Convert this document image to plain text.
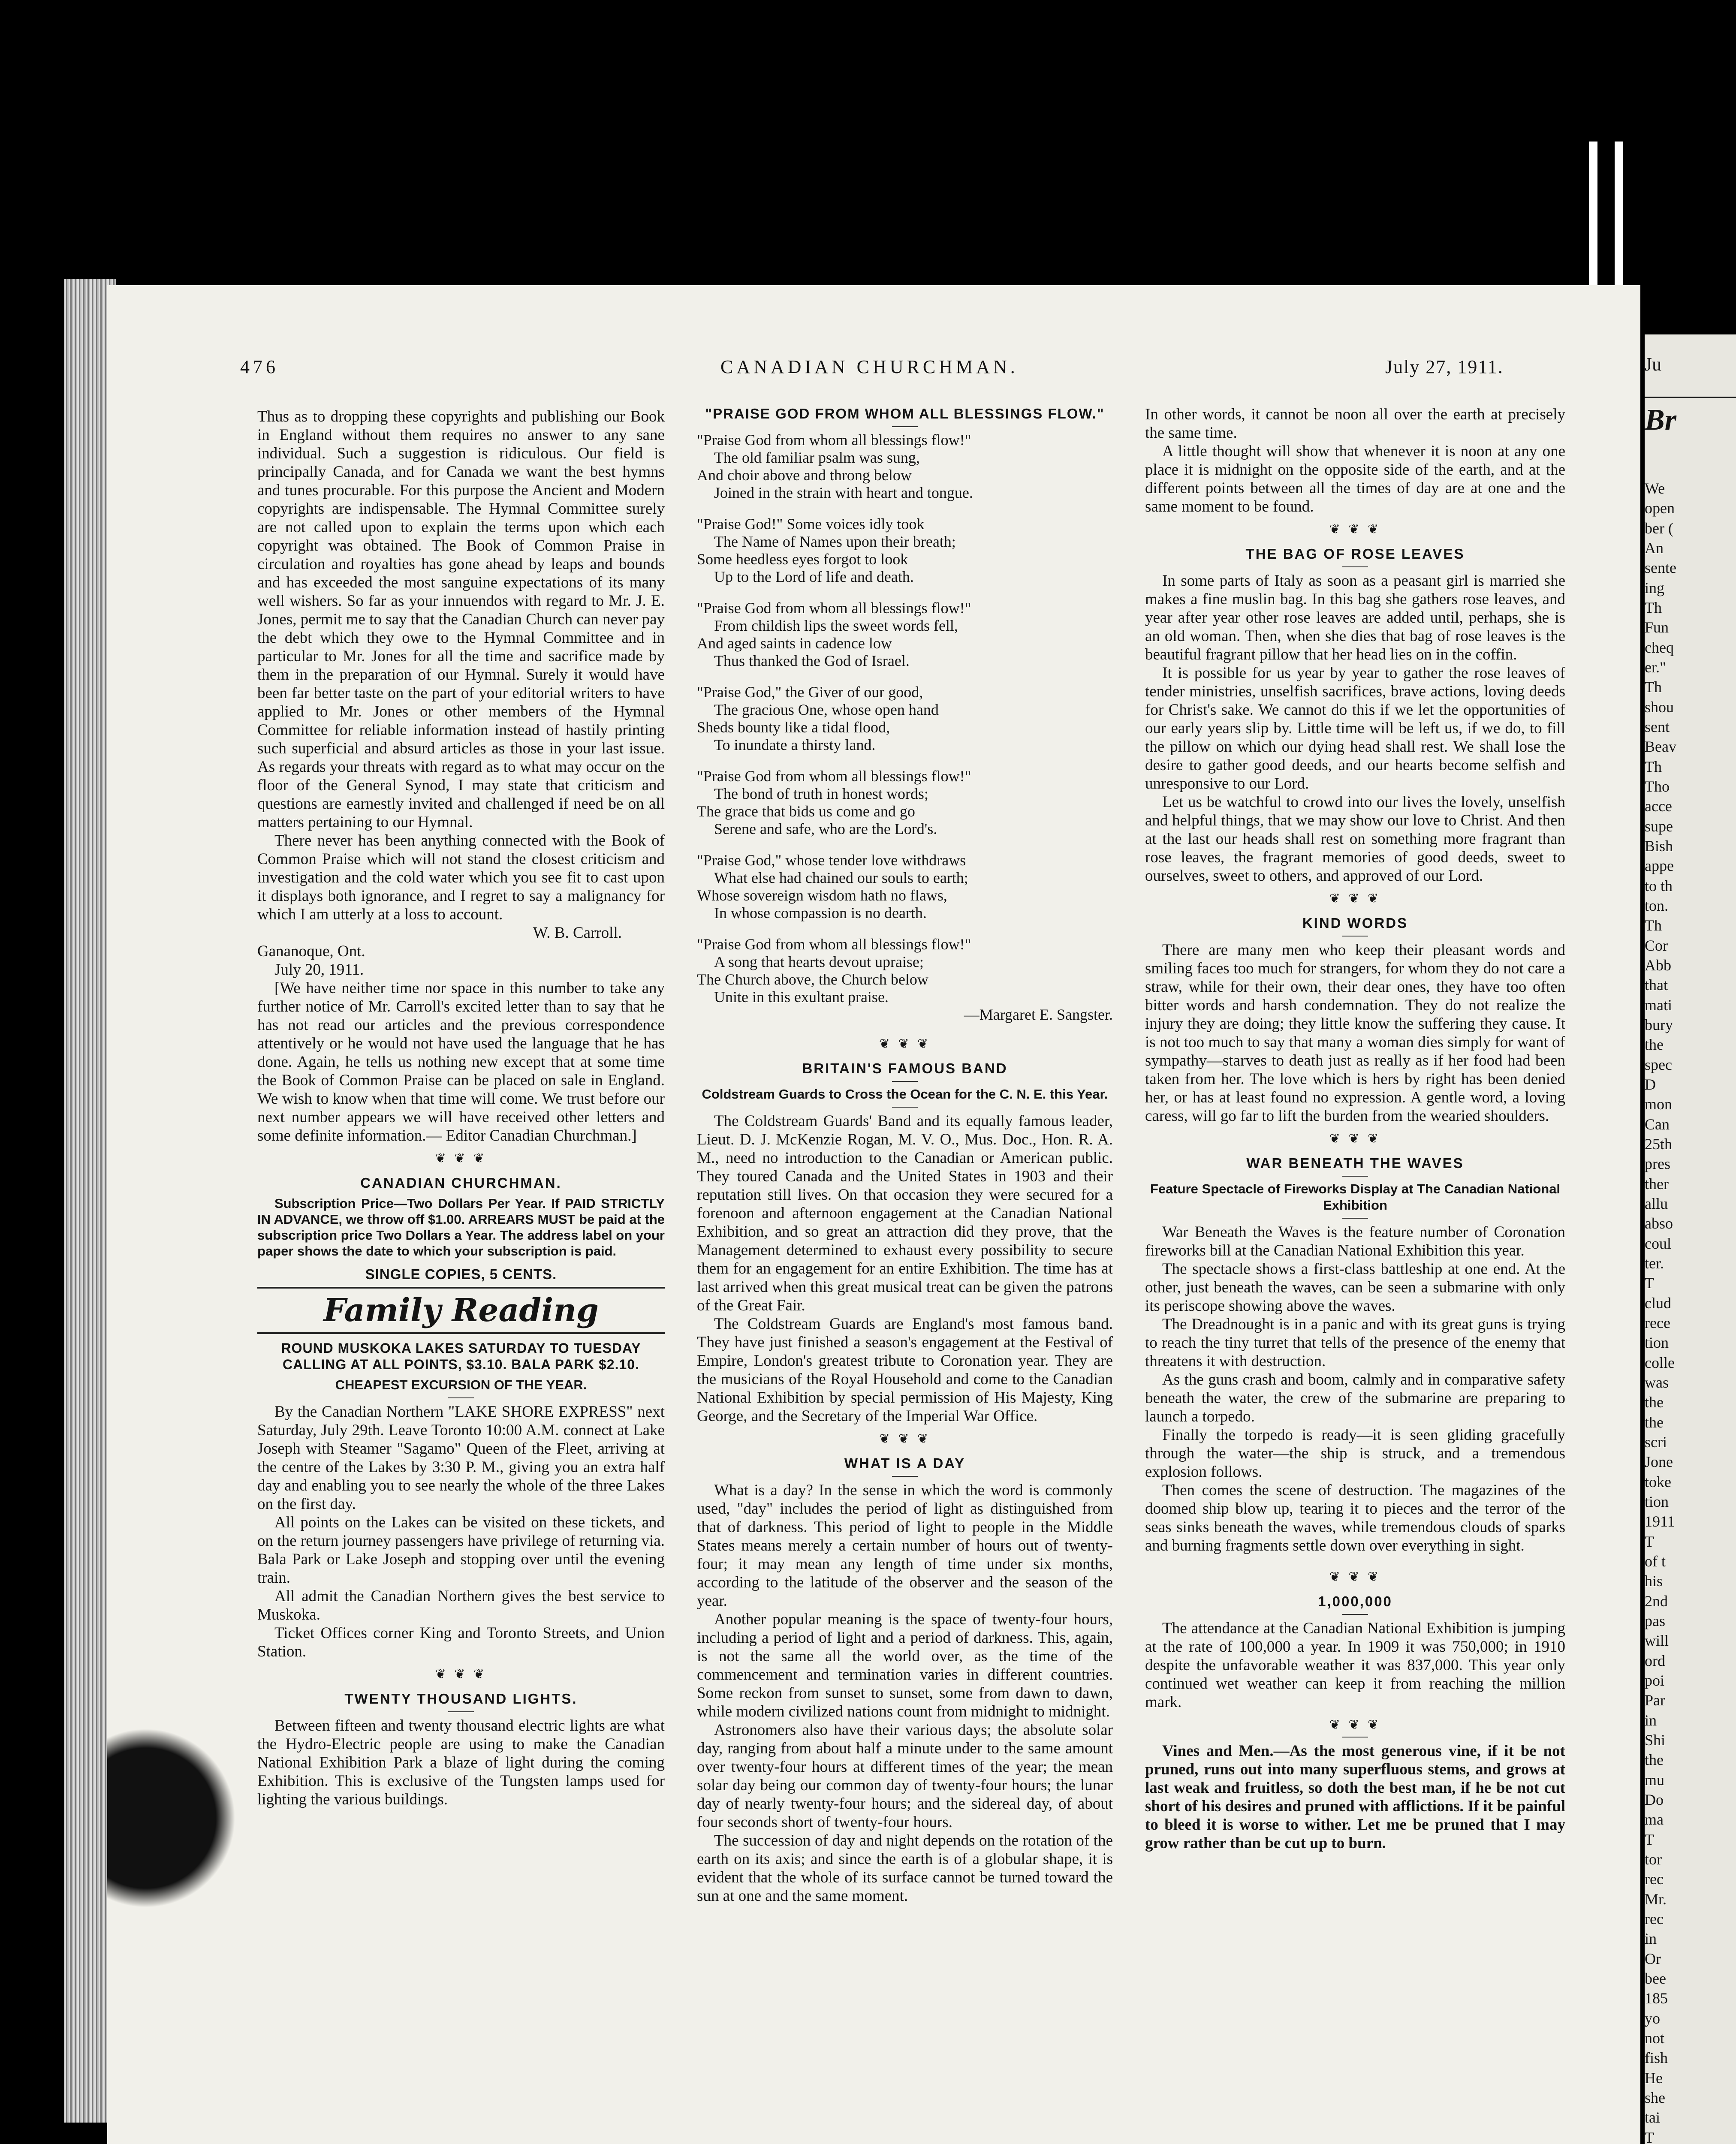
476	CANADIAN CHURCHMAN.	July 27, 1911.

Thus as to dropping these copyrights and publishing our Book in England without them requires no answer to any sane individual. Such a suggestion is ridiculous. Our field is principally Canada, and for Canada we want the best hymns and tunes procurable. For this purpose the Ancient and Modern copyrights are indispensable. The Hymnal Committee surely are not called upon to explain the terms upon which each copyright was obtained. The Book of Common Praise in circulation and royalties has gone ahead by leaps and bounds and has exceeded the most sanguine expectations of its many well wishers. So far as your innuendos with regard to Mr. J. E. Jones, permit me to say that the Canadian Church can never pay the debt which they owe to the Hymnal Committee and in particular to Mr. Jones for all the time and sacrifice made by them in the preparation of our Hymnal. Surely it would have been far better taste on the part of your editorial writers to have applied to Mr. Jones or other members of the Hymnal Committee for reliable information instead of hastily printing such superficial and absurd articles as those in your last issue. As regards your threats with regard as to what may occur on the floor of the General Synod, I may state that criticism and questions are earnestly invited and challenged if need be on all matters pertaining to our Hymnal.

There never has been anything connected with the Book of Common Praise which will not stand the closest criticism and investigation and the cold water which you see fit to cast upon it displays both ignorance, and I regret to say a malignancy for which I am utterly at a loss to account.

W. B. Carroll.

Gananoque, Ont.

July 20, 1911.

[We have neither time nor space in this number to take any further notice of Mr. Carroll's excited letter than to say that he has not read our articles and the previous correspondence attentively or he would not have used the language that he has done. Again, he tells us nothing new except that at some time the Book of Common Praise can be placed on sale in England. We wish to know when that time will come. We trust before our next number appears we will have received other letters and some definite information.— Editor Canadian Churchman.]

❦ ❦ ❦
CANADIAN CHURCHMAN.
Subscription Price—Two Dollars Per Year. If PAID STRICTLY IN ADVANCE, we throw off $1.00. ARREARS MUST be paid at the subscription price Two Dollars a Year. The address label on your paper shows the date to which your subscription is paid.
SINGLE COPIES, 5 CENTS.
Family Reading
ROUND MUSKOKA LAKES SATURDAY TO TUESDAY CALLING AT ALL POINTS, $3.10. BALA PARK $2.10.
CHEAPEST EXCURSION OF THE YEAR.

By the Canadian Northern "LAKE SHORE EXPRESS" next Saturday, July 29th. Leave Toronto 10:00 A.M. connect at Lake Joseph with Steamer "Sagamo" Queen of the Fleet, arriving at the centre of the Lakes by 3:30 P. M., giving you an extra half day and enabling you to see nearly the whole of the three Lakes on the first day.

All points on the Lakes can be visited on these tickets, and on the return journey passengers have privilege of returning via. Bala Park or Lake Joseph and stopping over until the evening train.

All admit the Canadian Northern gives the best service to Muskoka.

Ticket Offices corner King and Toronto Streets, and Union Station.

❦ ❦ ❦
TWENTY THOUSAND LIGHTS.

Between fifteen and twenty thousand electric lights are what the Hydro-Electric people are using to make the Canadian National Exhibition Park a blaze of light during the coming Exhibition. This is exclusive of the Tungsten lamps used for lighting the various buildings.

"PRAISE GOD FROM WHOM ALL BLESSINGS FLOW."
"Praise God from whom all blessings flow!"
The old familiar psalm was sung,
And choir above and throng below
Joined in the strain with heart and tongue.
"Praise God!" Some voices idly took
The Name of Names upon their breath;
Some heedless eyes forgot to look
Up to the Lord of life and death.
"Praise God from whom all blessings flow!"
From childish lips the sweet words fell,
And aged saints in cadence low
Thus thanked the God of Israel.
"Praise God," the Giver of our good,
The gracious One, whose open hand
Sheds bounty like a tidal flood,
To inundate a thirsty land.
"Praise God from whom all blessings flow!"
The bond of truth in honest words;
The grace that bids us come and go
Serene and safe, who are the Lord's.
"Praise God," whose tender love withdraws
What else had chained our souls to earth;
Whose sovereign wisdom hath no flaws,
In whose compassion is no dearth.
"Praise God from whom all blessings flow!"
A song that hearts devout upraise;
The Church above, the Church below
Unite in this exultant praise.
—Margaret E. Sangster.
❦ ❦ ❦
BRITAIN'S FAMOUS BAND
Coldstream Guards to Cross the Ocean for the C. N. E. this Year.

The Coldstream Guards' Band and its equally famous leader, Lieut. D. J. McKenzie Rogan, M. V. O., Mus. Doc., Hon. R. A. M., need no introduction to the Canadian or American public. They toured Canada and the United States in 1903 and their reputation still lives. On that occasion they were secured for a forenoon and afternoon engagement at the Canadian National Exhibition, and so great an attraction did they prove, that the Management determined to exhaust every possibility to secure them for an engagement for an entire Exhibition. The time has at last arrived when this great musical treat can be given the patrons of the Great Fair.

The Coldstream Guards are England's most famous band. They have just finished a season's engagement at the Festival of Empire, London's greatest tribute to Coronation year. They are the musicians of the Royal Household and come to the Canadian National Exhibition by special permission of His Majesty, King George, and the Secretary of the Imperial War Office.

❦ ❦ ❦
WHAT IS A DAY

What is a day? In the sense in which the word is commonly used, "day" includes the period of light as distinguished from that of darkness. This period of light to people in the Middle States means merely a certain number of hours out of twenty-four; it may mean any length of time under six months, according to the latitude of the observer and the season of the year.

Another popular meaning is the space of twenty-four hours, including a period of light and a period of darkness. This, again, is not the same all the world over, as the time of the commencement and termination varies in different countries. Some reckon from sunset to sunset, some from dawn to dawn, while modern civilized nations count from midnight to midnight.

Astronomers also have their various days; the absolute solar day, ranging from about half a minute under to the same amount over twenty-four hours at different times of the year; the mean solar day being our common day of twenty-four hours; the lunar day of nearly twenty-four hours; and the sidereal day, of about four seconds short of twenty-four hours.

The succession of day and night depends on the rotation of the earth on its axis; and since the earth is of a globular shape, it is evident that the whole of its surface cannot be turned toward the sun at one and the same moment.

In other words, it cannot be noon all over the earth at precisely the same time.

A little thought will show that whenever it is noon at any one place it is midnight on the opposite side of the earth, and at the different points between all the times of day are at one and the same moment to be found.

❦ ❦ ❦
THE BAG OF ROSE LEAVES

In some parts of Italy as soon as a peasant girl is married she makes a fine muslin bag. In this bag she gathers rose leaves, and year after year other rose leaves are added until, perhaps, she is an old woman. Then, when she dies that bag of rose leaves is the beautiful fragrant pillow that her head lies on in the coffin.

It is possible for us year by year to gather the rose leaves of tender ministries, unselfish sacrifices, brave actions, loving deeds for Christ's sake. We cannot do this if we let the opportunities of our early years slip by. Little time will be left us, if we do, to fill the pillow on which our dying head shall rest. We shall lose the desire to gather good deeds, and our hearts become selfish and unresponsive to our Lord.

Let us be watchful to crowd into our lives the lovely, unselfish and helpful things, that we may show our love to Christ. And then at the last our heads shall rest on something more fragrant than rose leaves, the fragrant memories of good deeds, sweet to ourselves, sweet to others, and approved of our Lord.

❦ ❦ ❦
KIND WORDS

There are many men who keep their pleasant words and smiling faces too much for strangers, for whom they do not care a straw, while for their own, their dear ones, they have too often bitter words and harsh condemnation. They do not realize the injury they are doing; they little know the suffering they cause. It is not too much to say that many a woman dies simply for want of sympathy—starves to death just as really as if her food had been taken from her. The love which is hers by right has been denied her, or has at least found no expression. A gentle word, a loving caress, will go far to lift the burden from the wearied shoulders.

❦ ❦ ❦
WAR BENEATH THE WAVES
Feature Spectacle of Fireworks Display at The Canadian National Exhibition

War Beneath the Waves is the feature number of Coronation fireworks bill at the Canadian National Exhibition this year.

The spectacle shows a first-class battleship at one end. At the other, just beneath the waves, can be seen a submarine with only its periscope showing above the waves.

The Dreadnought is in a panic and with its great guns is trying to reach the tiny turret that tells of the presence of the enemy that threatens it with destruction.

As the guns crash and boom, calmly and in comparative safety beneath the water, the crew of the submarine are preparing to launch a torpedo.

Finally the torpedo is ready—it is seen gliding gracefully through the water—the ship is struck, and a tremendous explosion follows.

Then comes the scene of destruction. The magazines of the doomed ship blow up, tearing it to pieces and the terror of the seas sinks beneath the waves, while tremendous clouds of sparks and burning fragments settle down over everything in sight.

❦ ❦ ❦
1,000,000

The attendance at the Canadian National Exhibition is jumping at the rate of 100,000 a year. In 1909 it was 750,000; in 1910 despite the unfavorable weather it was 837,000. This year only continued wet weather can keep it from reaching the million mark.

❦ ❦ ❦

Vines and Men.—As the most generous vine, if it be not pruned, runs out into many superfluous stems, and grows at last weak and fruitless, so doth the best man, if he be not cut short of his desires and pruned with afflictions. If it be painful to bleed it is worse to wither. Let me be pruned that I may grow rather than be cut up to burn.

Ju
Br
We
open
ber (
An
sente
ing
Th
Fun
cheq
er."
Th
shou
sent
Beav
Th
Tho
acce
supe
Bish
appe
to th
ton.
Th
Cor
Abb
that
mati
bury
the
spec
D
mon
Can
25th
pres
ther
allu
abso
coul
ter.
T
clud
rece
tion
colle
was
the
the
scri
Jone
toke
tion
1911
T
of t
his
2nd
pas
will
ord
poi
Par
in
Shi
the
mu
Do
ma
T
tor
rec
Mr.
rec
in
Or
bee
185
yo
not
fish
He
she
tai
T
